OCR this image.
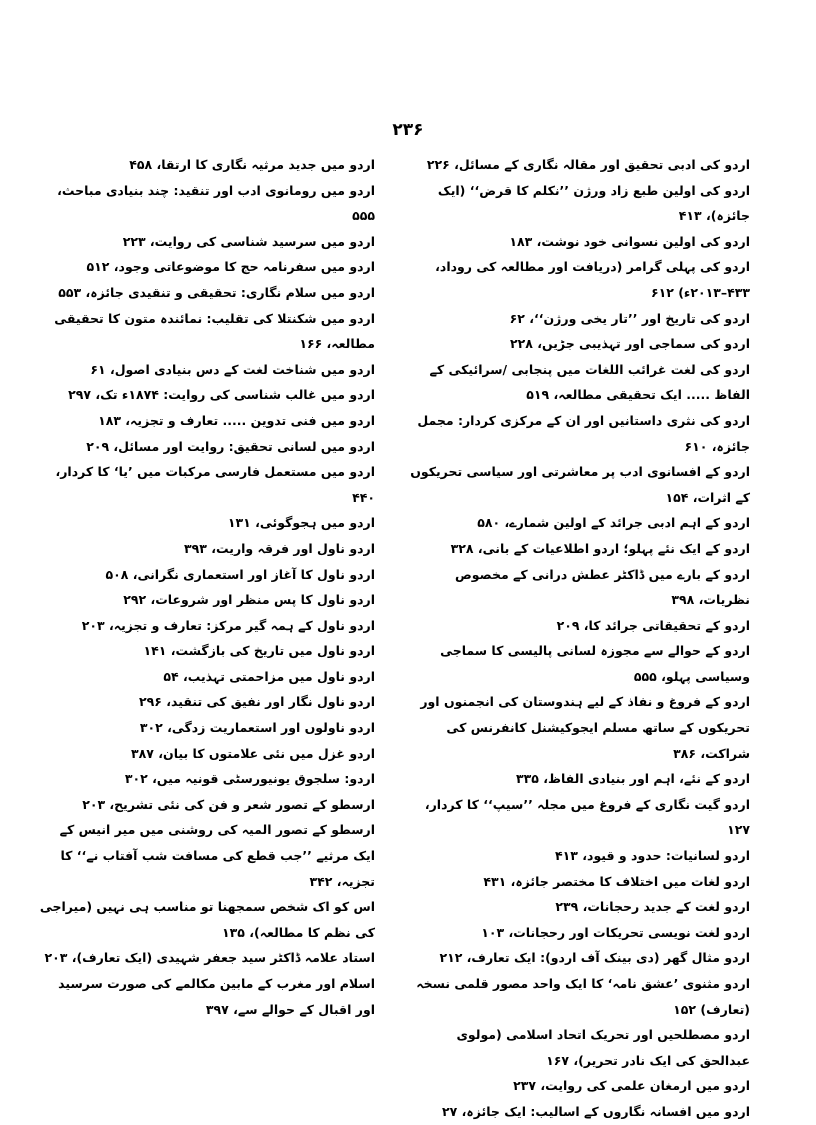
۲۳۶

اردو کی ادبی تحقیق اور مقالہ نگاری کے مسائل، ۲۲۶

اردو کی اولین طبع زاد ورژن ’’نکلم کا قرض‘‘ (ایک جائزہ)، ۴۱۳

اردو کی اولین نسوانی خود نوشت، ۱۸۳

اردو کی پہلی گرامر (دریافت اور مطالعہ کی روداد، ۴۳۳–۲۰۱۳ء) ۶۱۲

اردو کی تاریخ اور ’’تار یخی ورژن‘‘، ۶۲

اردو کی سماجی اور تہذیبی جڑیں، ۲۲۸

اردو کی لغت غرائب اللغات میں پنجابی /سرائیکی کے الفاظ ..... ایک تحقیقی مطالعہ، ۵۱۹

اردو کی نثری داستانیں اور ان کے مرکزی کردار: مجمل جائزہ، ۶۱۰

اردو کے افسانوی ادب پر معاشرتی اور سیاسی تحریکوں کے اثرات، ۱۵۴

اردو کے اہم ادبی جرائد کے اولین شمارے، ۵۸۰

اردو کے ایک نئے پہلو؛ اردو اطلاعیات کے بانی، ۳۲۸

اردو کے بارے میں ڈاکٹر عطش درانی کے مخصوص نظریات، ۳۹۸

اردو کے تحقیقاتی جرائد کا، ۲۰۹

اردو کے حوالے سے مجوزہ لسانی پالیسی کا سماجی وسیاسی پہلو، ۵۵۵

اردو کے فروغ و نفاذ کے لیے ہندوستان کی انجمنوں اور تحریکوں کے ساتھ مسلم ایجوکیشنل کانفرنس کی شراکت، ۳۸۶

اردو کے نئے، اہم اور بنیادی الفاظ، ۳۳۵

اردو گیت نگاری کے فروغ میں مجلہ ’’سیپ‘‘ کا کردار، ۱۲۷

اردو لسانیات: حدود و قیود، ۴۱۳

اردو لغات میں اختلاف کا مختصر جائزہ، ۴۳۱

اردو لغت کے جدید رحجانات، ۲۳۹

اردو لغت نویسی تحریکات اور رحجانات، ۱۰۳

اردو مثال گھر (دی بینک آف اردو): ایک تعارف، ۲۱۲

اردو مثنوی ’عشق نامہ‘ کا ایک واحد مصور قلمی نسخہ (تعارف) ۱۵۲

اردو مصطلحیں اور تحریک اتحاد اسلامی (مولوی عبدالحق کی ایک نادر تحریر)، ۱۶۷

اردو میں ارمغان علمی کی روایت، ۲۳۷

اردو میں افسانہ نگاروں کے اسالیب: ایک جائزہ، ۲۷

اردو میں جدید مرثیہ نگاری کا ارتقا، ۴۵۸

اردو میں رومانوی ادب اور تنقید: چند بنیادی مباحث، ۵۵۵

اردو میں سرسید شناسی کی روایت، ۲۲۳

اردو میں سفرنامہ حج کا موضوعاتی وجود، ۵۱۲

اردو میں سلام نگاری: تحقیقی و تنقیدی جائزہ، ۵۵۳

اردو میں شکنتلا کی تقلیب: نمائندہ متون کا تحقیقی مطالعہ، ۱۶۶

اردو میں شناخت لغت کے دس بنیادی اصول، ۶۱

اردو میں غالب شناسی کی روایت: ۱۸۷۴ء تک، ۲۹۷

اردو میں فنی تدوین ..... تعارف و تجزیہ، ۱۸۳

اردو میں لسانی تحقیق: روایت اور مسائل، ۲۰۹

اردو میں مستعمل فارسی مرکبات میں ’یا‘ کا کردار، ۴۴۰

اردو میں ہجوگوئی، ۱۳۱

اردو ناول اور فرقہ واریت، ۳۹۳

اردو ناول کا آغاز اور استعماری نگرانی، ۵۰۸

اردو ناول کا پس منظر اور شروعات، ۲۹۲

اردو ناول کے ہمہ گیر مرکز: تعارف و تجزیہ، ۲۰۳

اردو ناول میں تاریخ کی بازگشت، ۱۴۱

اردو ناول میں مزاحمتی تہذیب، ۵۴

اردو ناول نگار اور نفیق کی تنقید، ۲۹۶

اردو ناولوں اور استعماریت زدگی، ۳۰۲

اردو غزل میں نئی علامتوں کا بیان، ۳۸۷

اردو: سلجوق یونیورسٹی قونیہ میں، ۳۰۲

ارسطو کے تصور شعر و فن کی نئی تشریح، ۲۰۳

ارسطو کے تصور المیہ کی روشنی میں میر انیس کے ایک مرثیے ’’جب قطع کی مسافت شب آفتاب نے‘‘ کا تجزیہ، ۳۴۲

اس کو اک شخص سمجھنا تو مناسب ہی نہیں (میراجی کی نظم کا مطالعہ)، ۱۳۵

استاد علامہ ڈاکٹر سید جعفر شہیدی (ایک تعارف)، ۲۰۳

اسلام اور مغرب کے مابین مکالمے کی صورت سرسید اور اقبال کے حوالے سے، ۳۹۷
